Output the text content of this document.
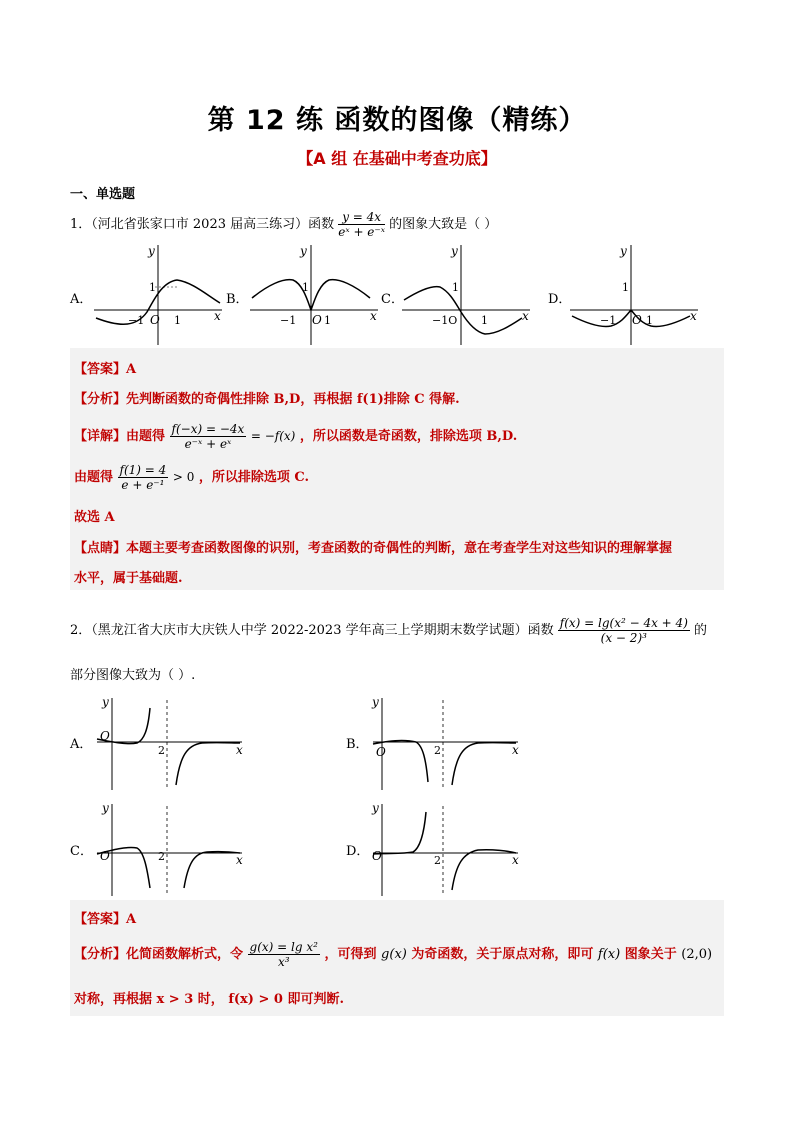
第 12 练 函数的图像（精练）
【A 组 在基础中考查功底】
一、单选题
1．（河北省张家口市 2023 届高三练习）函数 $\frac{y = 4x}{\text{eˣ + e⁻ˣ}}$ 的图象大致是（ ）
A．
y
1
−1 O 1	x
B．
y
1
−1 O 1	x
C．
y
1
−1O 1	x
D．
y
1
−1 O 1	x
【答案】A
【分析】先判断函数的奇偶性排除 B,D，再根据 f(1)排除 C 得解.
【详解】由题得 $\frac{f(-x) = -4x}{\text{e⁻ˣ + eˣ}} = -f(x)$ ，所以函数是奇函数，排除选项 B,D.
由题得 $\frac{f(1) = 4}{\text{e + e⁻¹}} > 0$ ，所以排除选项 C.
故选 A
【点睛】本题主要考查函数图像的识别，考查函数的奇偶性的判断，意在考查学生对这些知识的理解掌握
水平，属于基础题.
2．（黑龙江省大庆市大庆铁人中学 2022-2023 学年高三上学期期末数学试题）函数 $\frac{\text{f(x) = lg(x² − 4x + 4)}}{\text{(x − 2)³}}$ 的
部分图像大致为（ ）.
A．
y
O
2	x	B．
y
O	2	x
C．
y
O	2	x
D．
y
O	2	x
【答案】A
【分析】化简函数解析式，令 $\frac{\text{g(x) = lg x²}}{\text{x³}}$ ，可得到 g(x) 为奇函数，关于原点对称，即可 f(x) 图象关于 (2,0)
对称，再根据 x > 3 时， f(x) > 0 即可判断.
